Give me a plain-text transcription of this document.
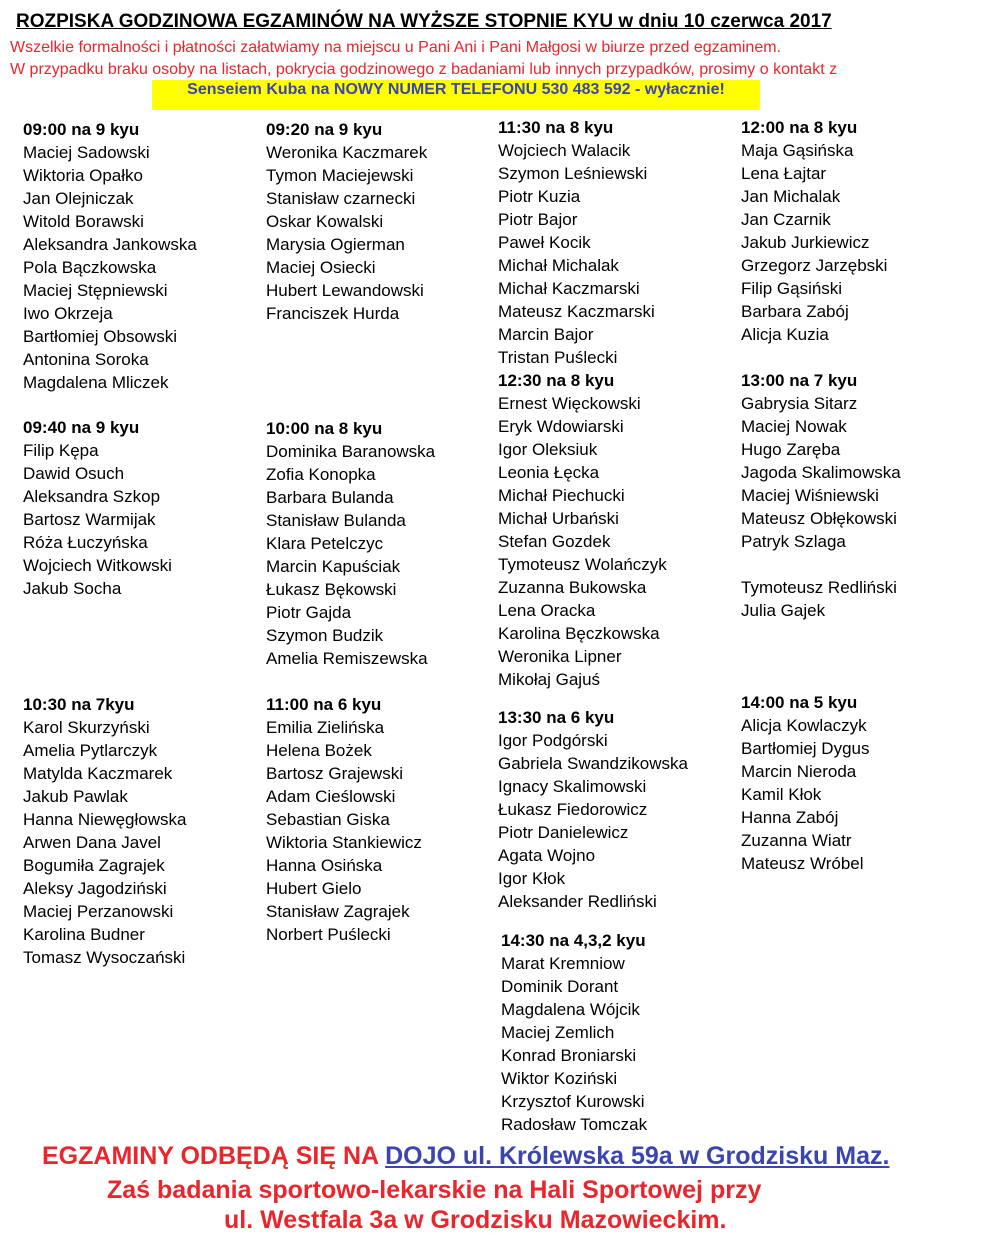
ROZPISKA GODZINOWA EGZAMINÓW NA WYŻSZE STOPNIE KYU w dniu 10 czerwca 2017
Wszelkie formalności i płatności załatwiamy na miejscu u Pani Ani i Pani Małgosi w biurze przed egzaminem.
W przypadku braku osoby na listach, pokrycia godzinowego z badaniami lub innych przypadków, prosimy o kontakt z
Senseiem Kuba na NOWY NUMER TELEFONU 530 483 592 - wyłacznie!
09:00 na 9 kyu
Maciej Sadowski
Wiktoria Opałko
Jan Olejniczak
Witold Borawski
Aleksandra Jankowska
Pola Bączkowska
Maciej Stępniewski
Iwo Okrzeja
Bartłomiej Obsowski
Antonina Soroka
Magdalena Mliczek
09:20 na 9 kyu
Weronika Kaczmarek
Tymon Maciejewski
Stanisław czarnecki
Oskar Kowalski
Marysia Ogierman
Maciej Osiecki
Hubert Lewandowski
Franciszek Hurda
11:30 na 8 kyu
Wojciech Walacik
Szymon Leśniewski
Piotr Kuzia
Piotr Bajor
Paweł Kocik
Michał Michalak
Michał Kaczmarski
Mateusz Kaczmarski
Marcin Bajor
Tristan Puślecki
12:00 na 8 kyu
Maja Gąsińska
Lena Łajtar
Jan Michalak
Jan Czarnik
Jakub Jurkiewicz
Grzegorz Jarzębski
Filip Gąsiński
Barbara Zabój
Alicja Kuzia
09:40 na 9 kyu
Filip Kępa
Dawid Osuch
Aleksandra Szkop
Bartosz Warmijak
Róża Łuczyńska
Wojciech Witkowski
Jakub Socha
10:00 na 8 kyu
Dominika Baranowska
Zofia Konopka
Barbara Bulanda
Stanisław Bulanda
Klara Petelczyc
Marcin Kapuściak
Łukasz Bękowski
Piotr Gajda
Szymon Budzik
Amelia Remiszewska
12:30 na 8 kyu
Ernest Więckowski
Eryk Wdowiarski
Igor Oleksiuk
Leonia Łęcka
Michał Piechucki
Michał Urbański
Stefan Gozdek
Tymoteusz Wolańczyk
Zuzanna Bukowska
Lena Oracka
Karolina Bęczkowska
Weronika Lipner
Mikołaj Gajuś
13:00 na 7 kyu
Gabrysia Sitarz
Maciej Nowak
Hugo Zaręba
Jagoda Skalimowska
Maciej Wiśniewski
Mateusz Obłękowski
Patryk Szlaga

Tymoteusz Redliński
Julia Gajek
10:30 na 7kyu
Karol Skurzyński
Amelia Pytlarczyk
Matylda Kaczmarek
Jakub Pawlak
Hanna Niewęgłowska
Arwen Dana Javel
Bogumiła Zagrajek
Aleksy Jagodziński
Maciej Perzanowski
Karolina Budner
Tomasz Wysoczański
11:00 na 6 kyu
Emilia Zielińska
Helena Bożek
Bartosz Grajewski
Adam Cieślowski
Sebastian Giska
Wiktoria Stankiewicz
Hanna Osińska
Hubert Gielo
Stanisław Zagrajek
Norbert Puślecki
13:30 na 6 kyu
Igor Podgórski
Gabriela Swandzikowska
Ignacy Skalimowski
Łukasz Fiedorowicz
Piotr Danielewicz
Agata Wojno
Igor Kłok
Aleksander Redliński
14:00 na 5 kyu
Alicja Kowlaczyk
Bartłomiej Dygus
Marcin Nieroda
Kamil Kłok
Hanna Zabój
Zuzanna Wiatr
Mateusz Wróbel
14:30 na 4,3,2 kyu
Marat Kremniow
Dominik Dorant
Magdalena Wójcik
Maciej Zemlich
Konrad Broniarski
Wiktor Koziński
Krzysztof Kurowski
Radosław Tomczak
EGZAMINY ODBĘDĄ SIĘ NA DOJO ul. Królewska 59a w Grodzisku Maz.
Zaś badania sportowo-lekarskie na Hali Sportowej przy
ul. Westfala 3a w Grodzisku Mazowieckim.
